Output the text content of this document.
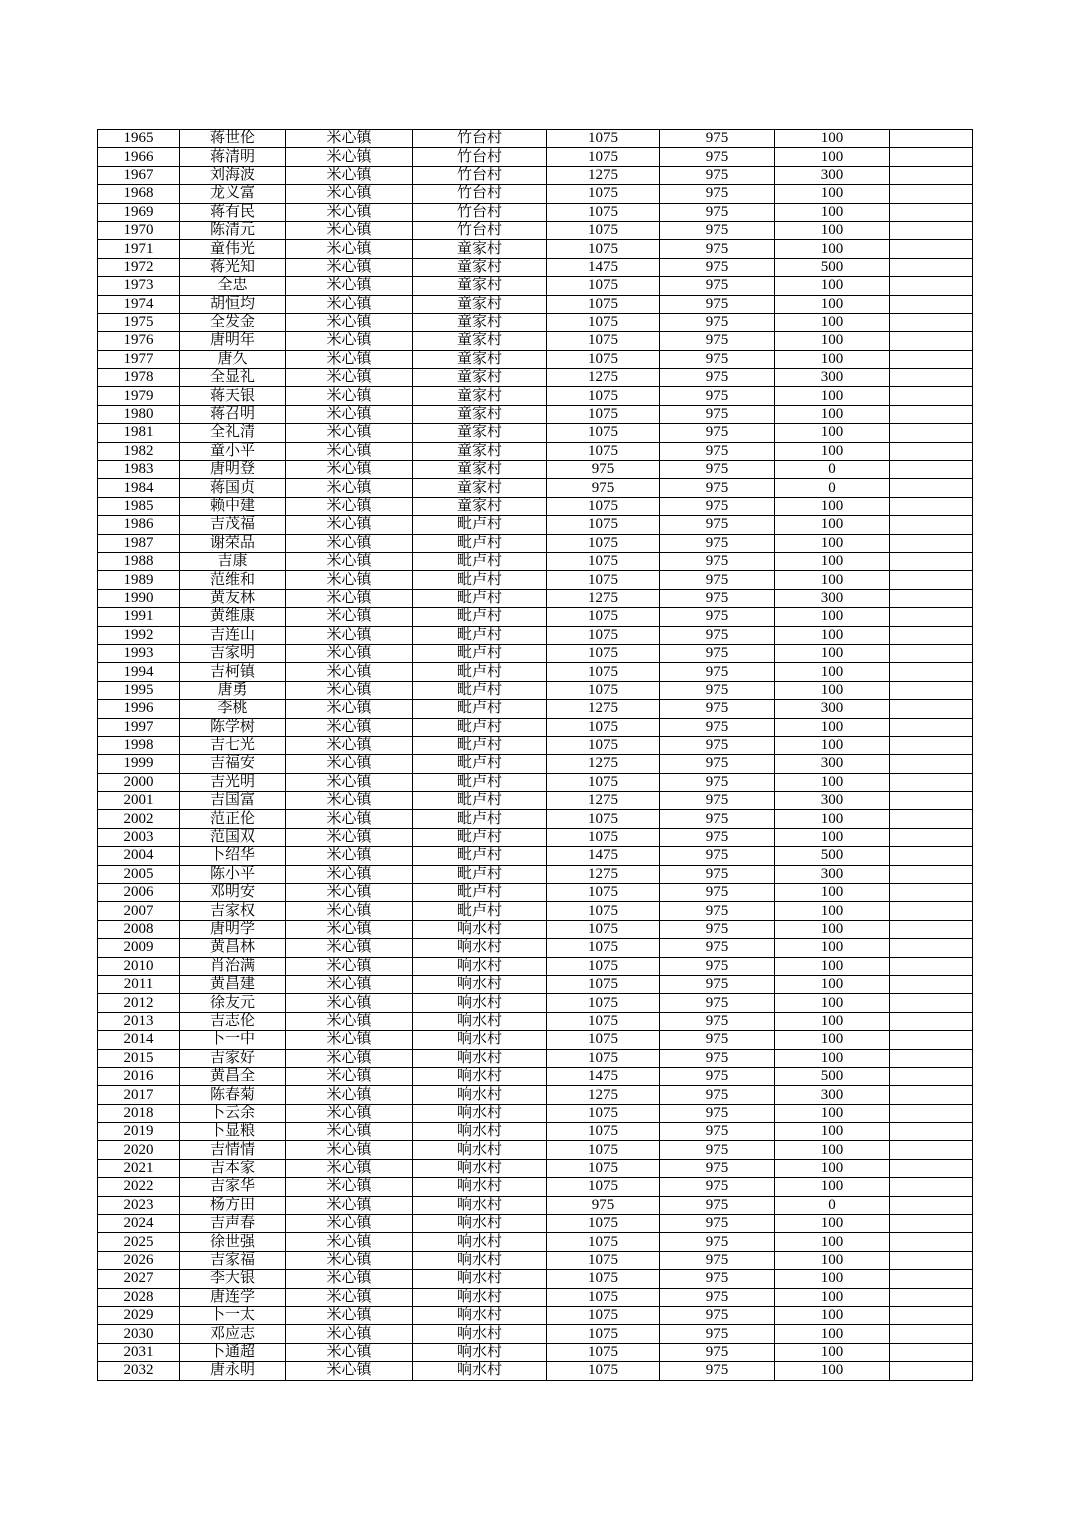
1965	蒋世伦	米心镇	竹台村	1075	975	100	
1966	蒋清明	米心镇	竹台村	1075	975	100	
1967	刘海波	米心镇	竹台村	1275	975	300	
1968	龙义富	米心镇	竹台村	1075	975	100	
1969	蒋有民	米心镇	竹台村	1075	975	100	
1970	陈清元	米心镇	竹台村	1075	975	100	
1971	童伟光	米心镇	童家村	1075	975	100	
1972	蒋光知	米心镇	童家村	1475	975	500	
1973	全忠	米心镇	童家村	1075	975	100	
1974	胡恒均	米心镇	童家村	1075	975	100	
1975	全发金	米心镇	童家村	1075	975	100	
1976	唐明年	米心镇	童家村	1075	975	100	
1977	唐久	米心镇	童家村	1075	975	100	
1978	全显礼	米心镇	童家村	1275	975	300	
1979	蒋天银	米心镇	童家村	1075	975	100	
1980	蒋召明	米心镇	童家村	1075	975	100	
1981	全礼清	米心镇	童家村	1075	975	100	
1982	童小平	米心镇	童家村	1075	975	100	
1983	唐明登	米心镇	童家村	975	975	0	
1984	蒋国贞	米心镇	童家村	975	975	0	
1985	赖中建	米心镇	童家村	1075	975	100	
1986	吉茂福	米心镇	毗卢村	1075	975	100	
1987	谢荣品	米心镇	毗卢村	1075	975	100	
1988	吉康	米心镇	毗卢村	1075	975	100	
1989	范维和	米心镇	毗卢村	1075	975	100	
1990	黄友林	米心镇	毗卢村	1275	975	300	
1991	黄维康	米心镇	毗卢村	1075	975	100	
1992	吉连山	米心镇	毗卢村	1075	975	100	
1993	吉家明	米心镇	毗卢村	1075	975	100	
1994	吉柯镇	米心镇	毗卢村	1075	975	100	
1995	唐勇	米心镇	毗卢村	1075	975	100	
1996	李桃	米心镇	毗卢村	1275	975	300	
1997	陈学树	米心镇	毗卢村	1075	975	100	
1998	吉七光	米心镇	毗卢村	1075	975	100	
1999	吉福安	米心镇	毗卢村	1275	975	300	
2000	吉光明	米心镇	毗卢村	1075	975	100	
2001	吉国富	米心镇	毗卢村	1275	975	300	
2002	范正伦	米心镇	毗卢村	1075	975	100	
2003	范国双	米心镇	毗卢村	1075	975	100	
2004	卜绍华	米心镇	毗卢村	1475	975	500	
2005	陈小平	米心镇	毗卢村	1275	975	300	
2006	邓明安	米心镇	毗卢村	1075	975	100	
2007	吉家权	米心镇	毗卢村	1075	975	100	
2008	唐明学	米心镇	响水村	1075	975	100	
2009	黄昌林	米心镇	响水村	1075	975	100	
2010	肖治满	米心镇	响水村	1075	975	100	
2011	黄昌建	米心镇	响水村	1075	975	100	
2012	徐友元	米心镇	响水村	1075	975	100	
2013	吉志伦	米心镇	响水村	1075	975	100	
2014	卜一中	米心镇	响水村	1075	975	100	
2015	吉家好	米心镇	响水村	1075	975	100	
2016	黄昌全	米心镇	响水村	1475	975	500	
2017	陈春菊	米心镇	响水村	1275	975	300	
2018	卜云余	米心镇	响水村	1075	975	100	
2019	卜显粮	米心镇	响水村	1075	975	100	
2020	吉情情	米心镇	响水村	1075	975	100	
2021	吉本家	米心镇	响水村	1075	975	100	
2022	吉家华	米心镇	响水村	1075	975	100	
2023	杨方田	米心镇	响水村	975	975	0	
2024	吉声春	米心镇	响水村	1075	975	100	
2025	徐世强	米心镇	响水村	1075	975	100	
2026	吉家福	米心镇	响水村	1075	975	100	
2027	李大银	米心镇	响水村	1075	975	100	
2028	唐连学	米心镇	响水村	1075	975	100	
2029	卜一太	米心镇	响水村	1075	975	100	
2030	邓应志	米心镇	响水村	1075	975	100	
2031	卜通超	米心镇	响水村	1075	975	100	
2032	唐永明	米心镇	响水村	1075	975	100	
